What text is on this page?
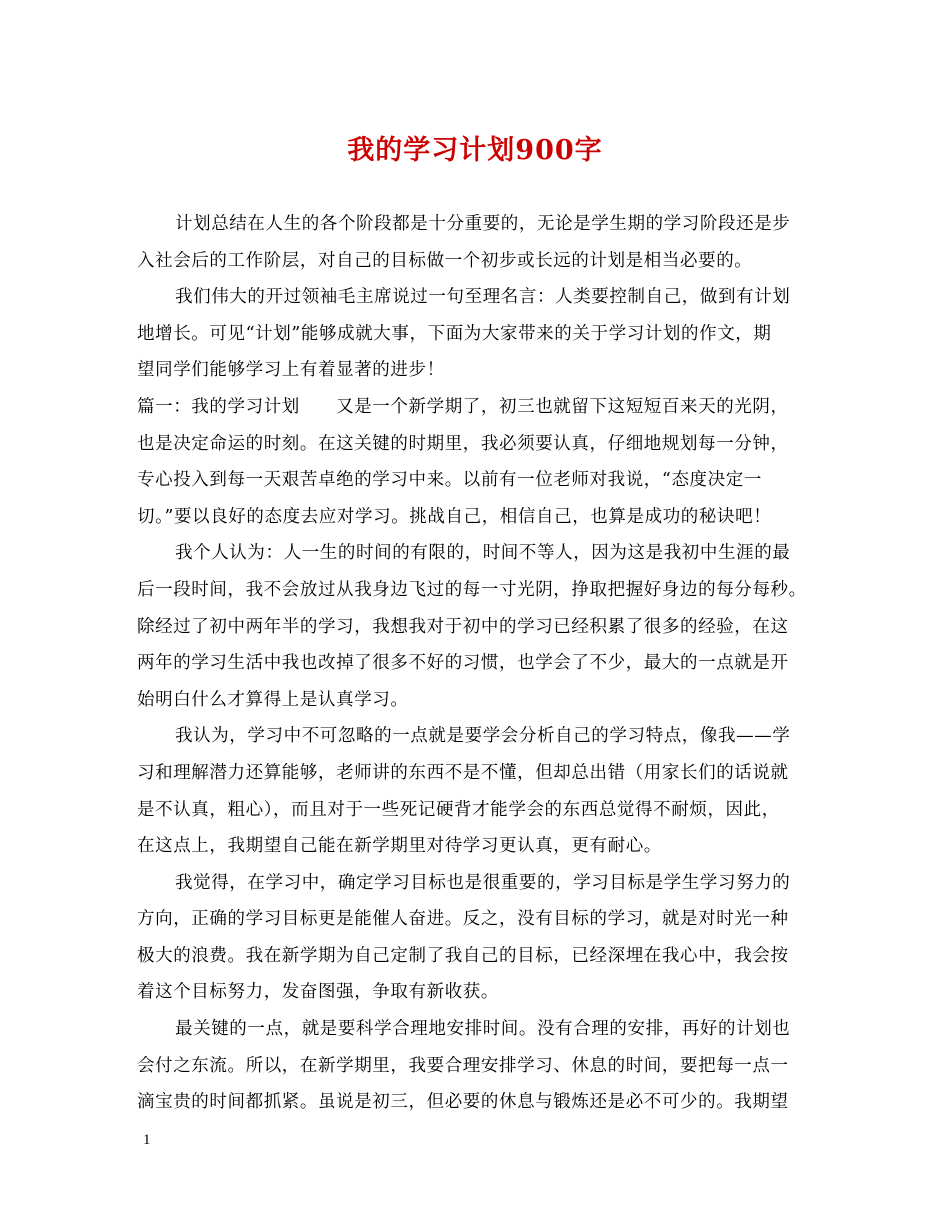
我的学习计划900字
计划总结在人生的各个阶段都是十分重要的，无论是学生期的学习阶段还是步
入社会后的工作阶层，对自己的目标做一个初步或长远的计划是相当必要的。
我们伟大的开过领袖毛主席说过一句至理名言：人类要控制自己，做到有计划
地增长。可见“计划”能够成就大事，下面为大家带来的关于学习计划的作文，期
望同学们能够学习上有着显著的进步！
篇一：我的学习计划　　又是一个新学期了，初三也就留下这短短百来天的光阴，
也是决定命运的时刻。在这关键的时期里，我必须要认真，仔细地规划每一分钟，
专心投入到每一天艰苦卓绝的学习中来。以前有一位老师对我说，“态度决定一
切。”要以良好的态度去应对学习。挑战自己，相信自己，也算是成功的秘诀吧！
我个人认为：人一生的时间的有限的，时间不等人，因为这是我初中生涯的最
后一段时间，我不会放过从我身边飞过的每一寸光阴，挣取把握好身边的每分每秒。
除经过了初中两年半的学习，我想我对于初中的学习已经积累了很多的经验，在这
两年的学习生活中我也改掉了很多不好的习惯，也学会了不少，最大的一点就是开
始明白什么才算得上是认真学习。
我认为，学习中不可忽略的一点就是要学会分析自己的学习特点，像我——学
习和理解潜力还算能够，老师讲的东西不是不懂，但却总出错（用家长们的话说就
是不认真，粗心），而且对于一些死记硬背才能学会的东西总觉得不耐烦，因此，
在这点上，我期望自己能在新学期里对待学习更认真，更有耐心。
我觉得，在学习中，确定学习目标也是很重要的，学习目标是学生学习努力的
方向，正确的学习目标更是能催人奋进。反之，没有目标的学习，就是对时光一种
极大的浪费。我在新学期为自己定制了我自己的目标，已经深埋在我心中，我会按
着这个目标努力，发奋图强，争取有新收获。
最关键的一点，就是要科学合理地安排时间。没有合理的安排，再好的计划也
会付之东流。所以，在新学期里，我要合理安排学习、休息的时间，要把每一点一
滴宝贵的时间都抓紧。虽说是初三，但必要的休息与锻炼还是必不可少的。我期望
1
